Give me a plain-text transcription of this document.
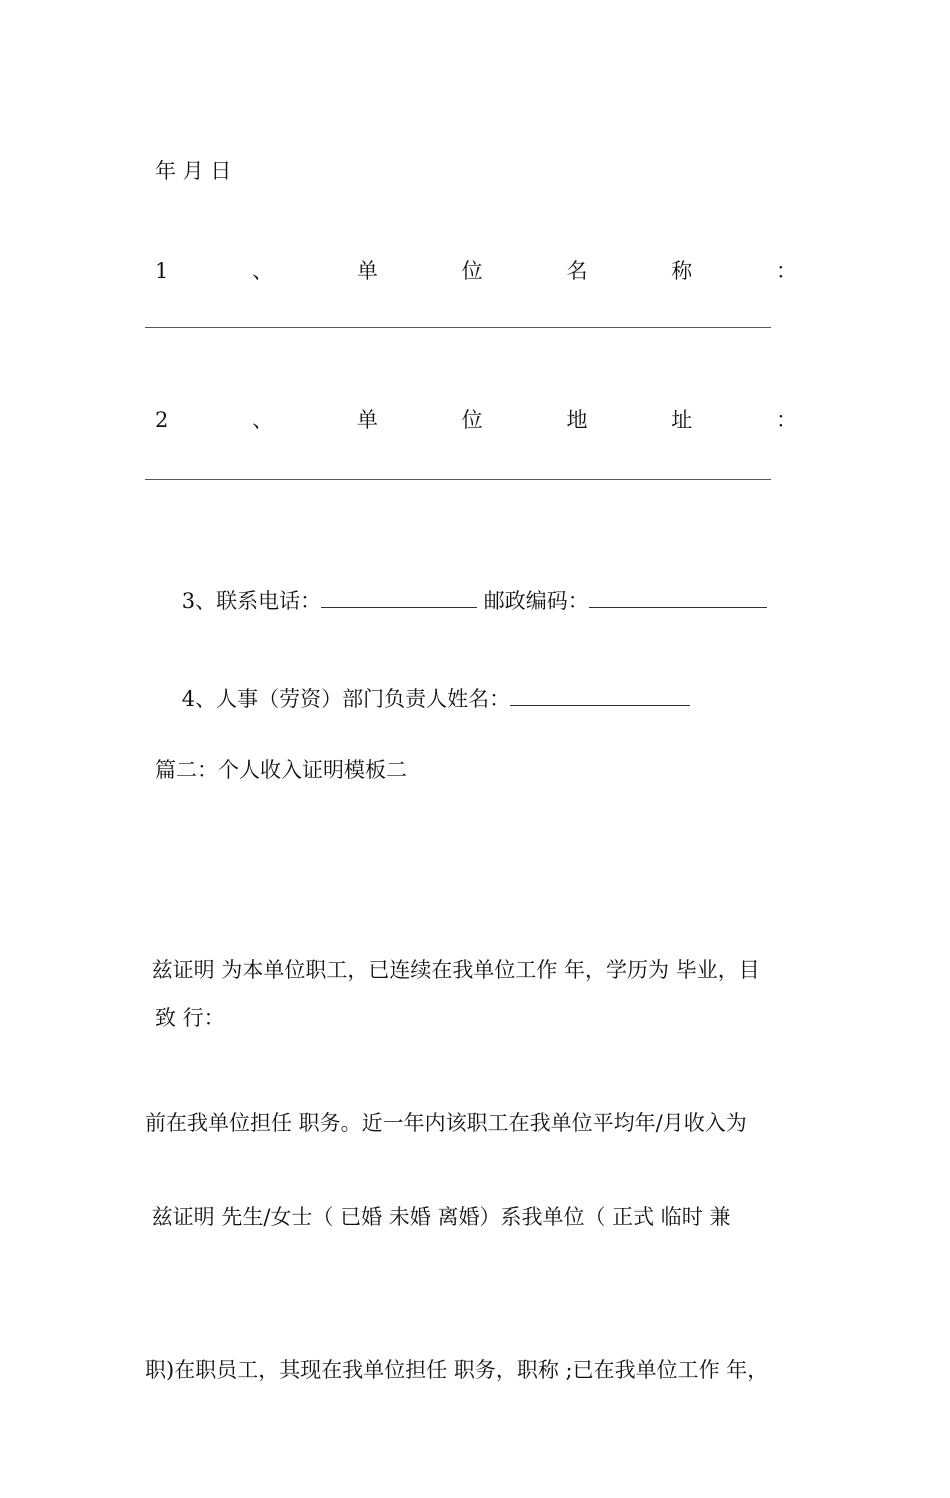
年 月 日
1	、	单	位	名	称	：
2	、	单	位	地	址	：

3、联系电话：	邮政编码：

4、人事（劳资）部门负责人姓名：

篇二：个人收入证明模板二

兹证明 为本单位职工，已连续在我单位工作 年，学历为 毕业，目

前在我单位担任 职务。近一年内该职工在我单位平均年/月收入为

致 行：

兹证明 先生/女士（ 已婚 未婚 离婚）系我单位（ 正式 临时 兼

职)在职员工，其现在我单位担任 职务，职称 ;已在我单位工作 年，
